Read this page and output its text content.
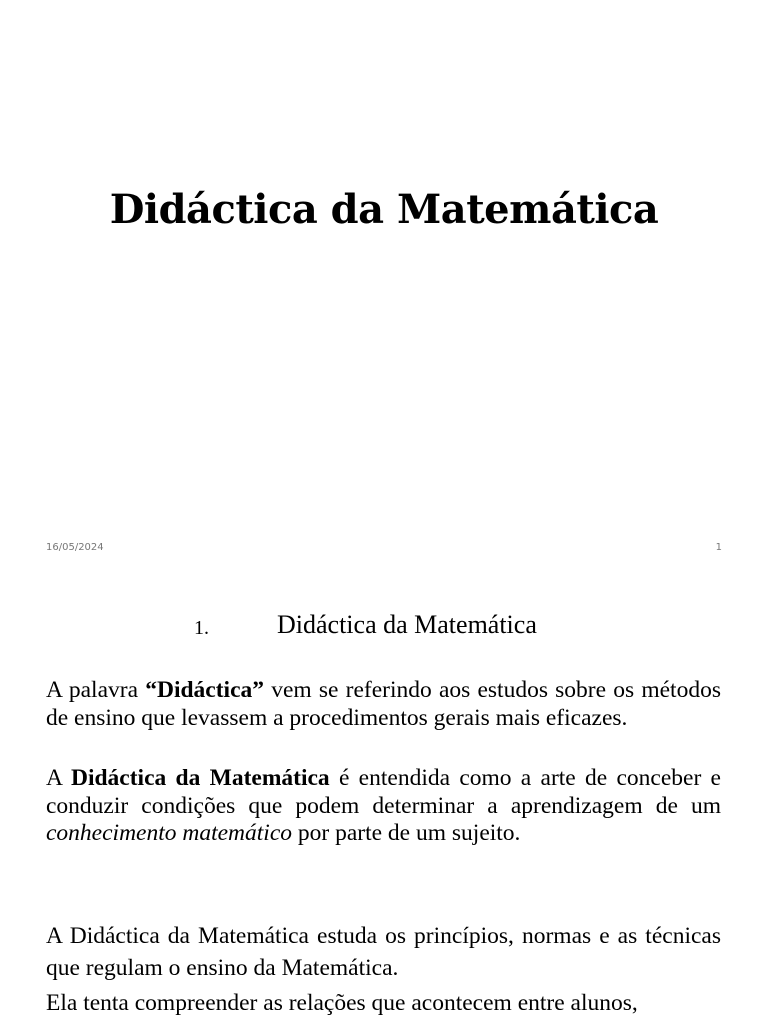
Didáctica da Matemática
16/05/2024	1
1.	Didáctica da Matemática
A palavra “Didáctica” vem se referindo aos estudos sobre os métodos de ensino que levassem a procedimentos gerais mais eficazes.
A Didáctica da Matemática é entendida como a arte de conceber e conduzir condições que podem determinar a aprendizagem de um conhecimento matemático por parte de um sujeito.
A Didáctica da Matemática estuda os princípios, normas e as técnicas que regulam o ensino da Matemática.
Ela tenta compreender as relações que acontecem entre alunos,
